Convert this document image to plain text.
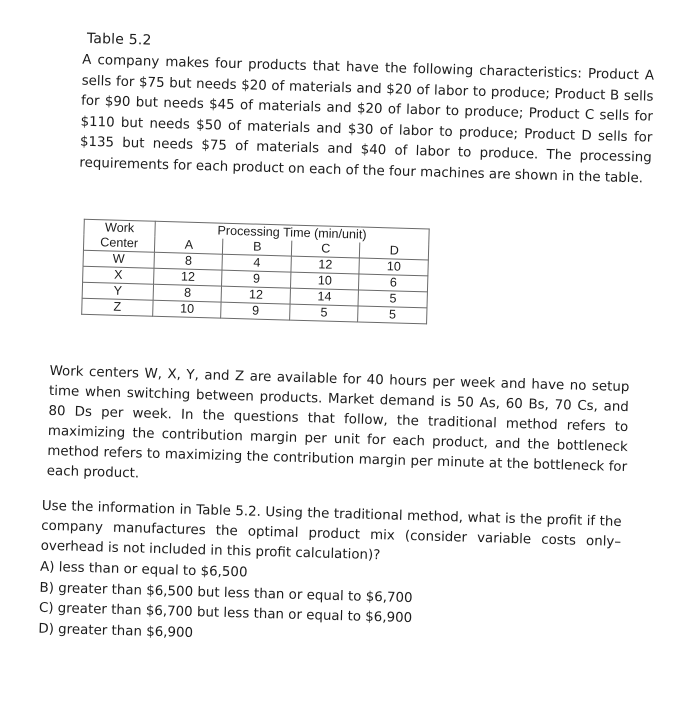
Table 5.2
A company makes four products that have the following characteristics: Product A sells for $75 but needs $20 of materials and $20 of labor to produce; Product B sells for $90 but needs $45 of materials and $20 of labor to produce; Product C sells for $110 but needs $50 of materials and $30 of labor to produce; Product D sells for $135 but needs $75 of materials and $40 of labor to produce. The processing requirements for each product on each of the four machines are shown in the table.
Work Center	Processing Time (min/unit)			
	A	B	C	D
W	8	4	12	10
X	12	9	10	6
Y	8	12	14	5
Z	10	9	5	5
Work centers W, X, Y, and Z are available for 40 hours per week and have no setup time when switching between products. Market demand is 50 As, 60 Bs, 70 Cs, and 80 Ds per week. In the questions that follow, the traditional method refers to maximizing the contribution margin per unit for each product, and the bottleneck method refers to maximizing the contribution margin per minute at the bottleneck for each product.
Use the information in Table 5.2. Using the traditional method, what is the profit if the company manufactures the optimal product mix (consider variable costs only–overhead is not included in this profit calculation)?
A) less than or equal to $6,500
B) greater than $6,500 but less than or equal to $6,700
C) greater than $6,700 but less than or equal to $6,900
D) greater than $6,900
